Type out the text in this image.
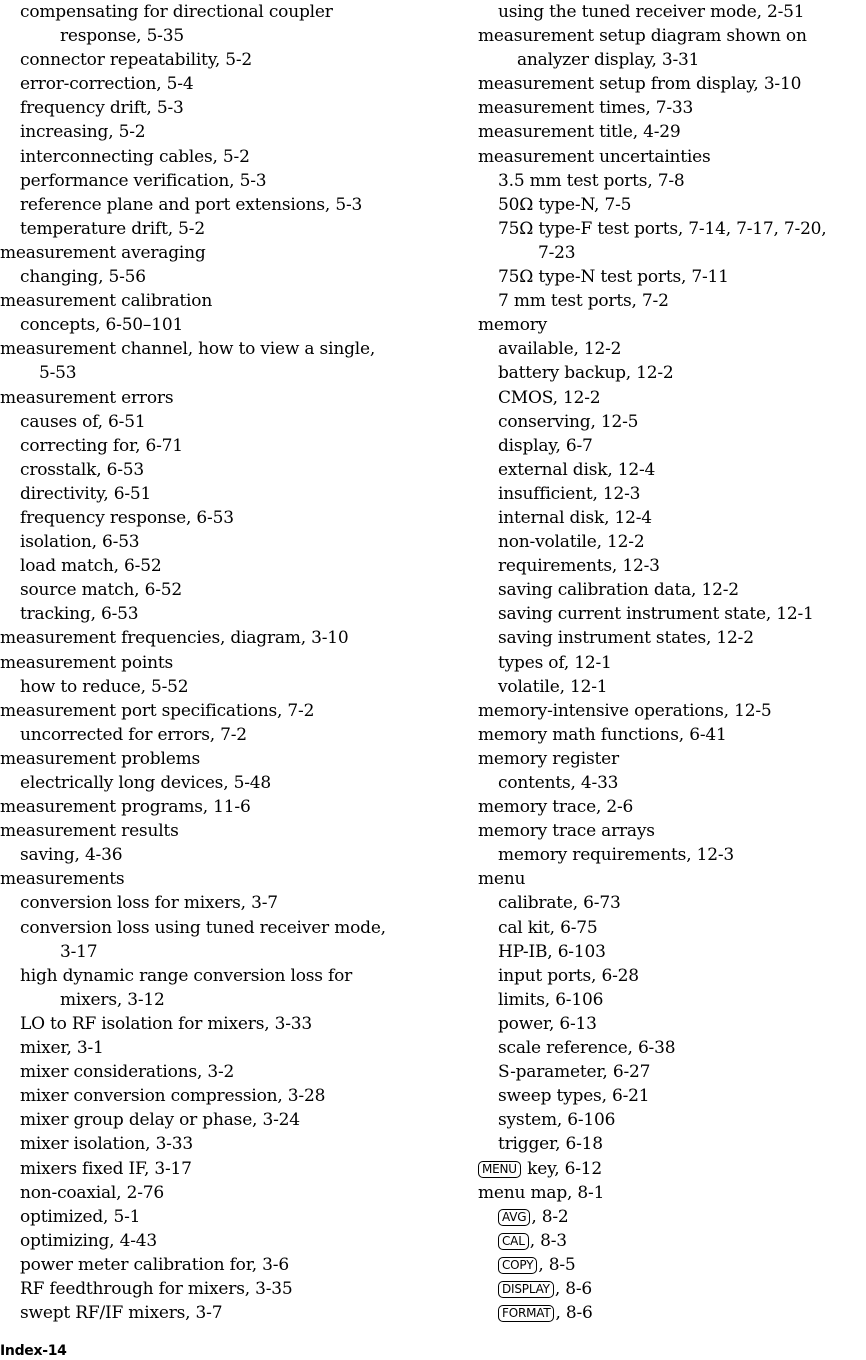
compensating for directional coupler
response, 5-35
connector repeatability, 5-2
error-correction, 5-4
frequency drift, 5-3
increasing, 5-2
interconnecting cables, 5-2
performance verification, 5-3
reference plane and port extensions, 5-3
temperature drift, 5-2
measurement averaging
changing, 5-56
measurement calibration
concepts, 6-50–101
measurement channel, how to view a single,
5-53
measurement errors
causes of, 6-51
correcting for, 6-71
crosstalk, 6-53
directivity, 6-51
frequency response, 6-53
isolation, 6-53
load match, 6-52
source match, 6-52
tracking, 6-53
measurement frequencies, diagram, 3-10
measurement points
how to reduce, 5-52
measurement port specifications, 7-2
uncorrected for errors, 7-2
measurement problems
electrically long devices, 5-48
measurement programs, 11-6
measurement results
saving, 4-36
measurements
conversion loss for mixers, 3-7
conversion loss using tuned receiver mode,
3-17
high dynamic range conversion loss for
mixers, 3-12
LO to RF isolation for mixers, 3-33
mixer, 3-1
mixer considerations, 3-2
mixer conversion compression, 3-28
mixer group delay or phase, 3-24
mixer isolation, 3-33
mixers fixed IF, 3-17
non-coaxial, 2-76
optimized, 5-1
optimizing, 4-43
power meter calibration for, 3-6
RF feedthrough for mixers, 3-35
swept RF/IF mixers, 3-7
using the tuned receiver mode, 2-51
measurement setup diagram shown on
analyzer display, 3-31
measurement setup from display, 3-10
measurement times, 7-33
measurement title, 4-29
measurement uncertainties
3.5 mm test ports, 7-8
50Ω type-N, 7-5
75Ω type-F test ports, 7-14, 7-17, 7-20,
7-23
75Ω type-N test ports, 7-11
7 mm test ports, 7-2
memory
available, 12-2
battery backup, 12-2
CMOS, 12-2
conserving, 12-5
display, 6-7
external disk, 12-4
insufficient, 12-3
internal disk, 12-4
non-volatile, 12-2
requirements, 12-3
saving calibration data, 12-2
saving current instrument state, 12-1
saving instrument states, 12-2
types of, 12-1
volatile, 12-1
memory-intensive operations, 12-5
memory math functions, 6-41
memory register
contents, 4-33
memory trace, 2-6
memory trace arrays
memory requirements, 12-3
menu
calibrate, 6-73
cal kit, 6-75
HP-IB, 6-103
input ports, 6-28
limits, 6-106
power, 6-13
scale reference, 6-38
S-parameter, 6-27
sweep types, 6-21
system, 6-106
trigger, 6-18
MENU key, 6-12
menu map, 8-1
AVG , 8-2
CAL , 8-3
COPY , 8-5
DISPLAY , 8-6
FORMAT , 8-6
Index-14
